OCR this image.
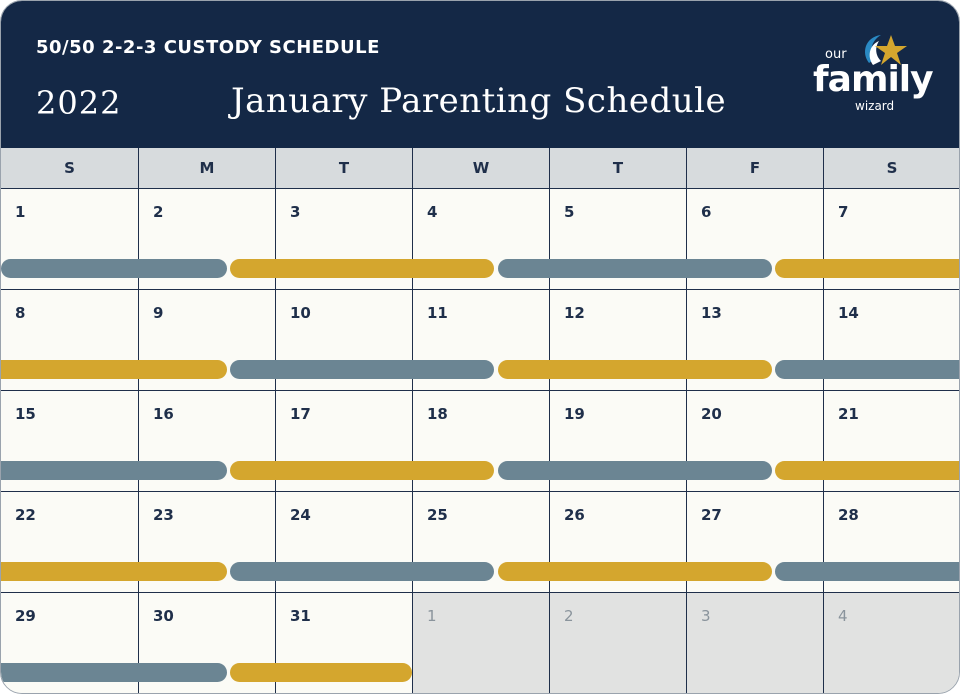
50/50 2-2-3 CUSTODY SCHEDULE
2022	January Parenting Schedule
our
family
wizard
S	M	T	W	T	F	S
1	2	3	4	5	6	7
8	9	10	11	12	13	14
15	16	17	18	19	20	21
22	23	24	25	26	27	28
29	30	31	1	2	3	4
